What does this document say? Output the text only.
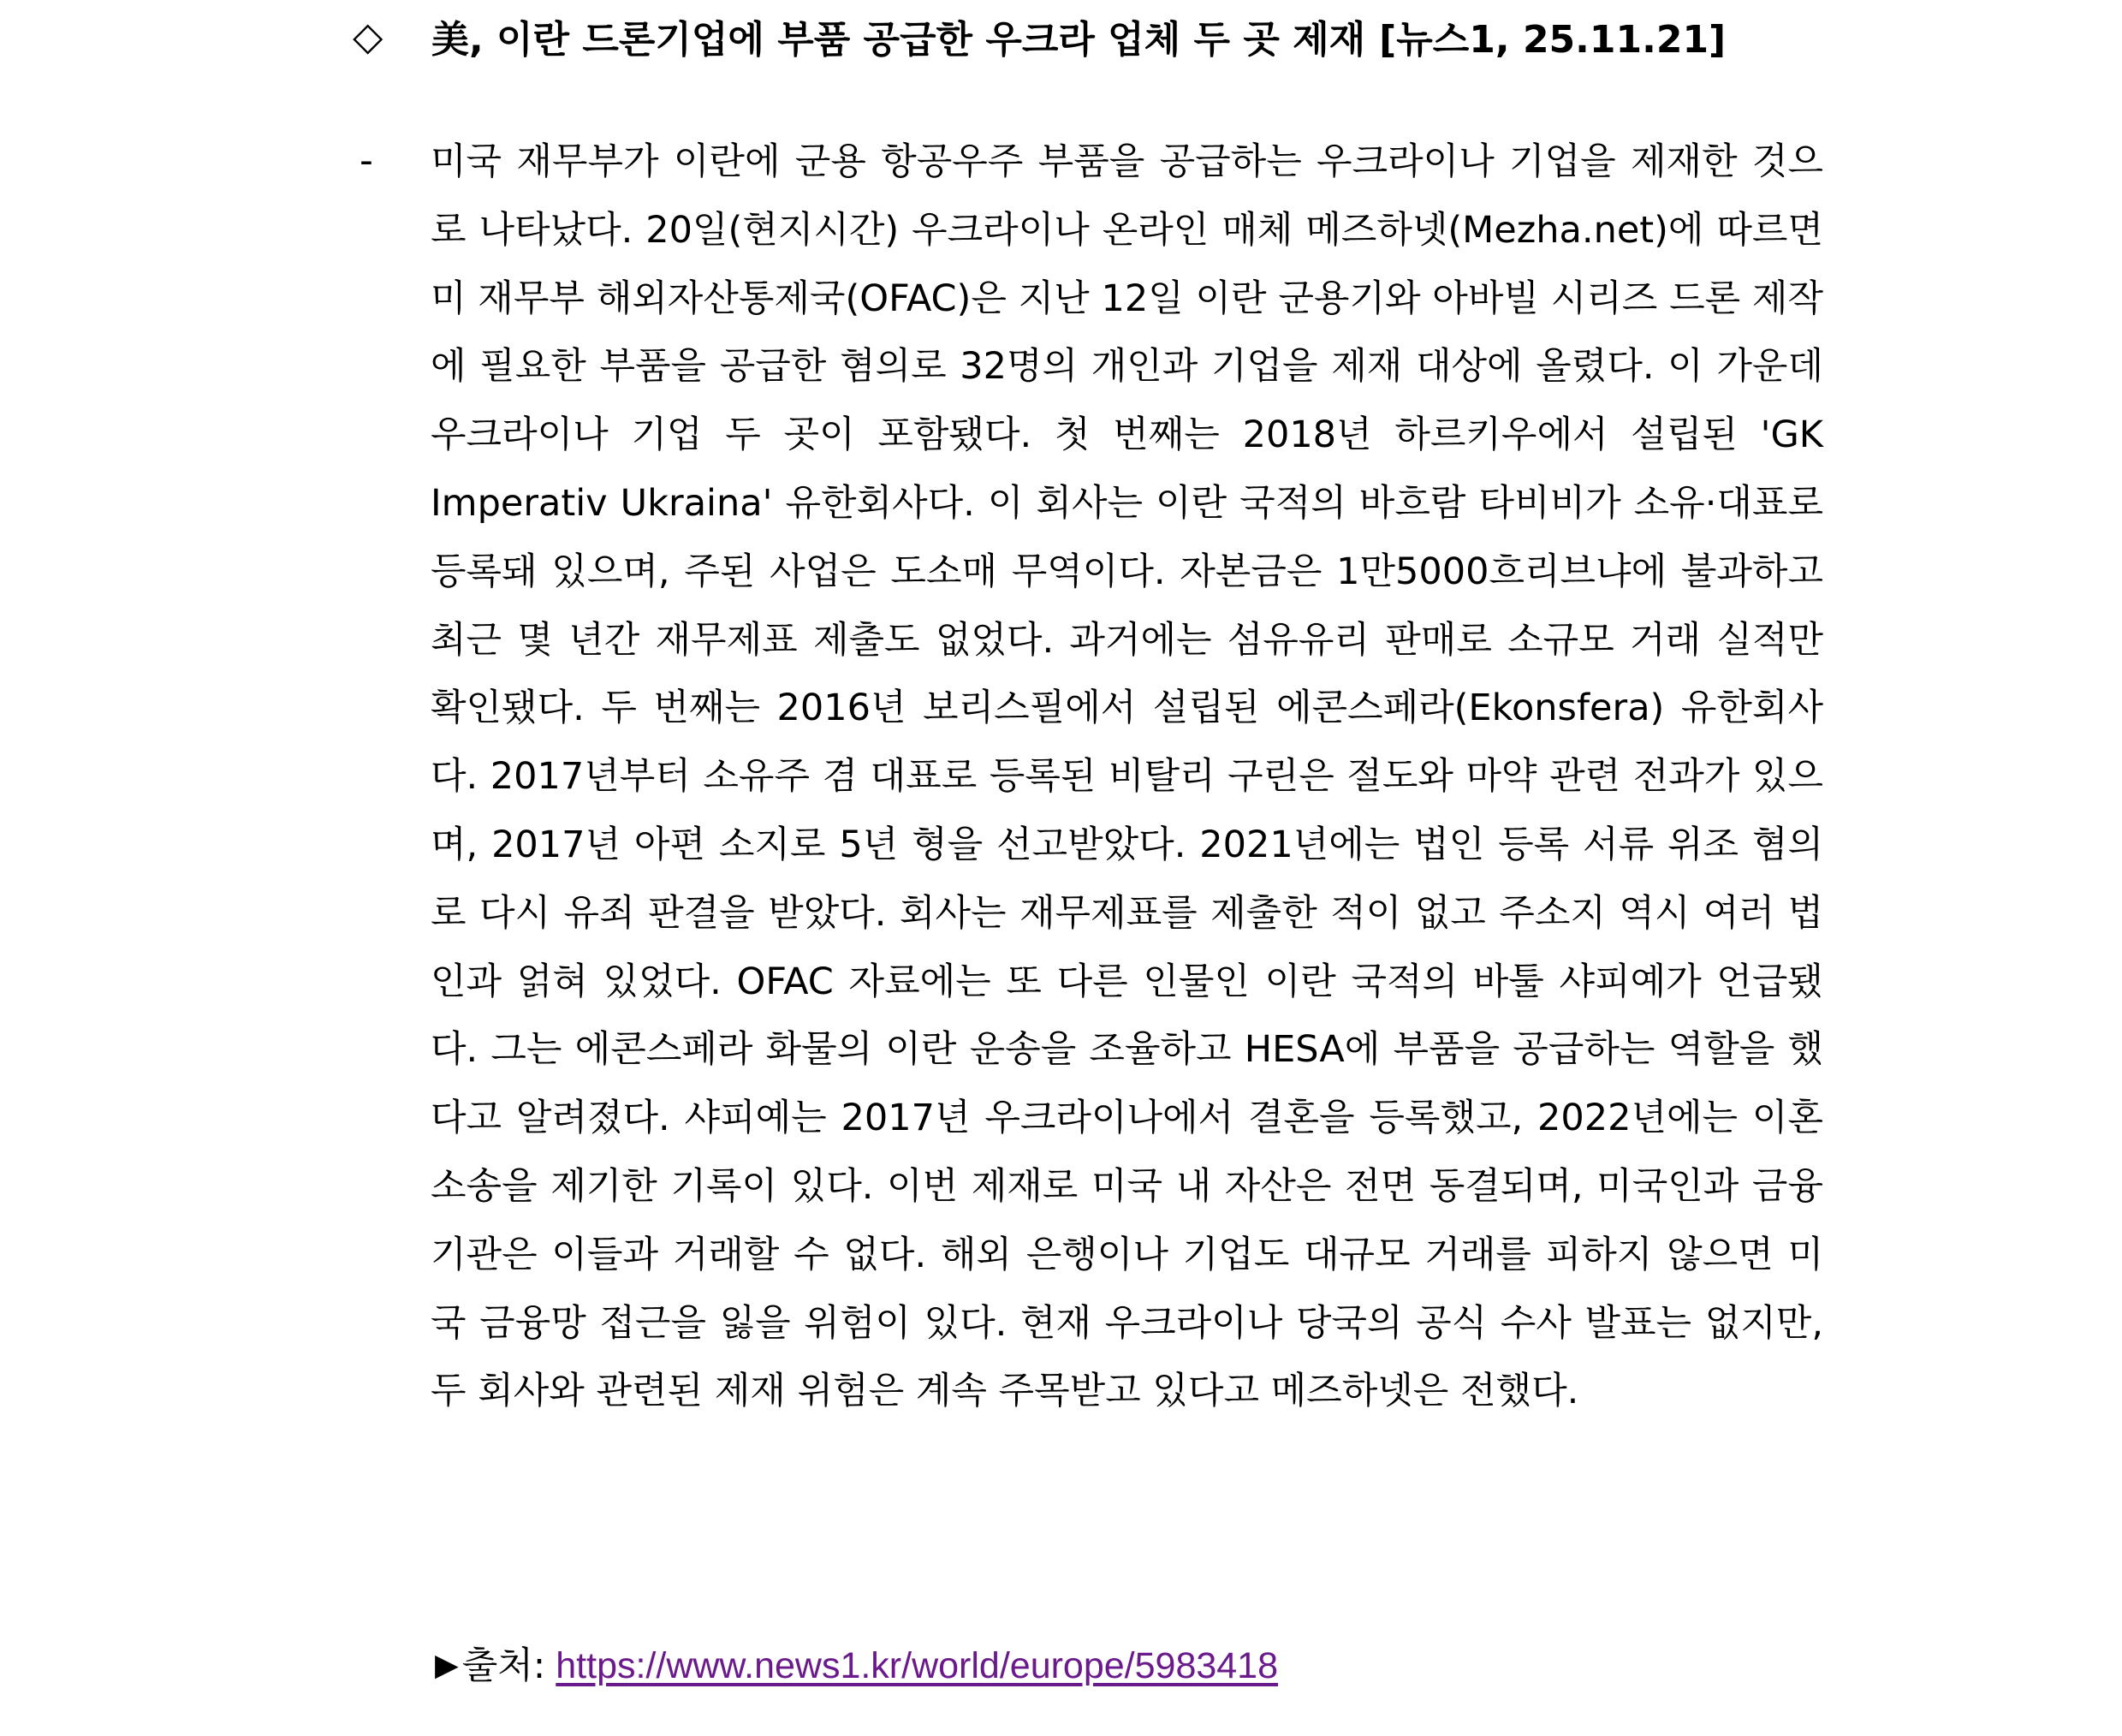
◇	美, 이란 드론기업에 부품 공급한 우크라 업체 두 곳 제재 [뉴스1, 25.11.21]
- 미국 재무부가 이란에 군용 항공우주 부품을 공급하는 우크라이나 기업을 제재한 것으로 나타났다. 20일(현지시간) 우크라이나 온라인 매체 메즈하넷(Mezha.net)에 따르면 미 재무부 해외자산통제국(OFAC)은 지난 12일 이란 군용기와 아바빌 시리즈 드론 제작에 필요한 부품을 공급한 혐의로 32명의 개인과 기업을 제재 대상에 올렸다. 이 가운데 우크라이나 기업 두 곳이 포함됐다. 첫 번째는 2018년 하르키우에서 설립된 'GK Imperativ Ukraina' 유한회사다. 이 회사는 이란 국적의 바흐람 타비비가 소유·대표로 등록돼 있으며, 주된 사업은 도소매 무역이다. 자본금은 1만5000흐리브냐에 불과하고 최근 몇 년간 재무제표 제출도 없었다. 과거에는 섬유유리 판매로 소규모 거래 실적만 확인됐다. 두 번째는 2016년 보리스필에서 설립된 에콘스페라(Ekonsfera) 유한회사다. 2017년부터 소유주 겸 대표로 등록된 비탈리 구린은 절도와 마약 관련 전과가 있으며, 2017년 아편 소지로 5년 형을 선고받았다. 2021년에는 법인 등록 서류 위조 혐의로 다시 유죄 판결을 받았다. 회사는 재무제표를 제출한 적이 없고 주소지 역시 여러 법인과 얽혀 있었다. OFAC 자료에는 또 다른 인물인 이란 국적의 바툴 샤피예가 언급됐다. 그는 에콘스페라 화물의 이란 운송을 조율하고 HESA에 부품을 공급하는 역할을 했다고 알려졌다. 샤피예는 2017년 우크라이나에서 결혼을 등록했고, 2022년에는 이혼 소송을 제기한 기록이 있다. 이번 제재로 미국 내 자산은 전면 동결되며, 미국인과 금융기관은 이들과 거래할 수 없다. 해외 은행이나 기업도 대규모 거래를 피하지 않으면 미국 금융망 접근을 잃을 위험이 있다. 현재 우크라이나 당국의 공식 수사 발표는 없지만, 두 회사와 관련된 제재 위험은 계속 주목받고 있다고 메즈하넷은 전했다.
▶ 출처: https://www.news1.kr/world/europe/5983418
